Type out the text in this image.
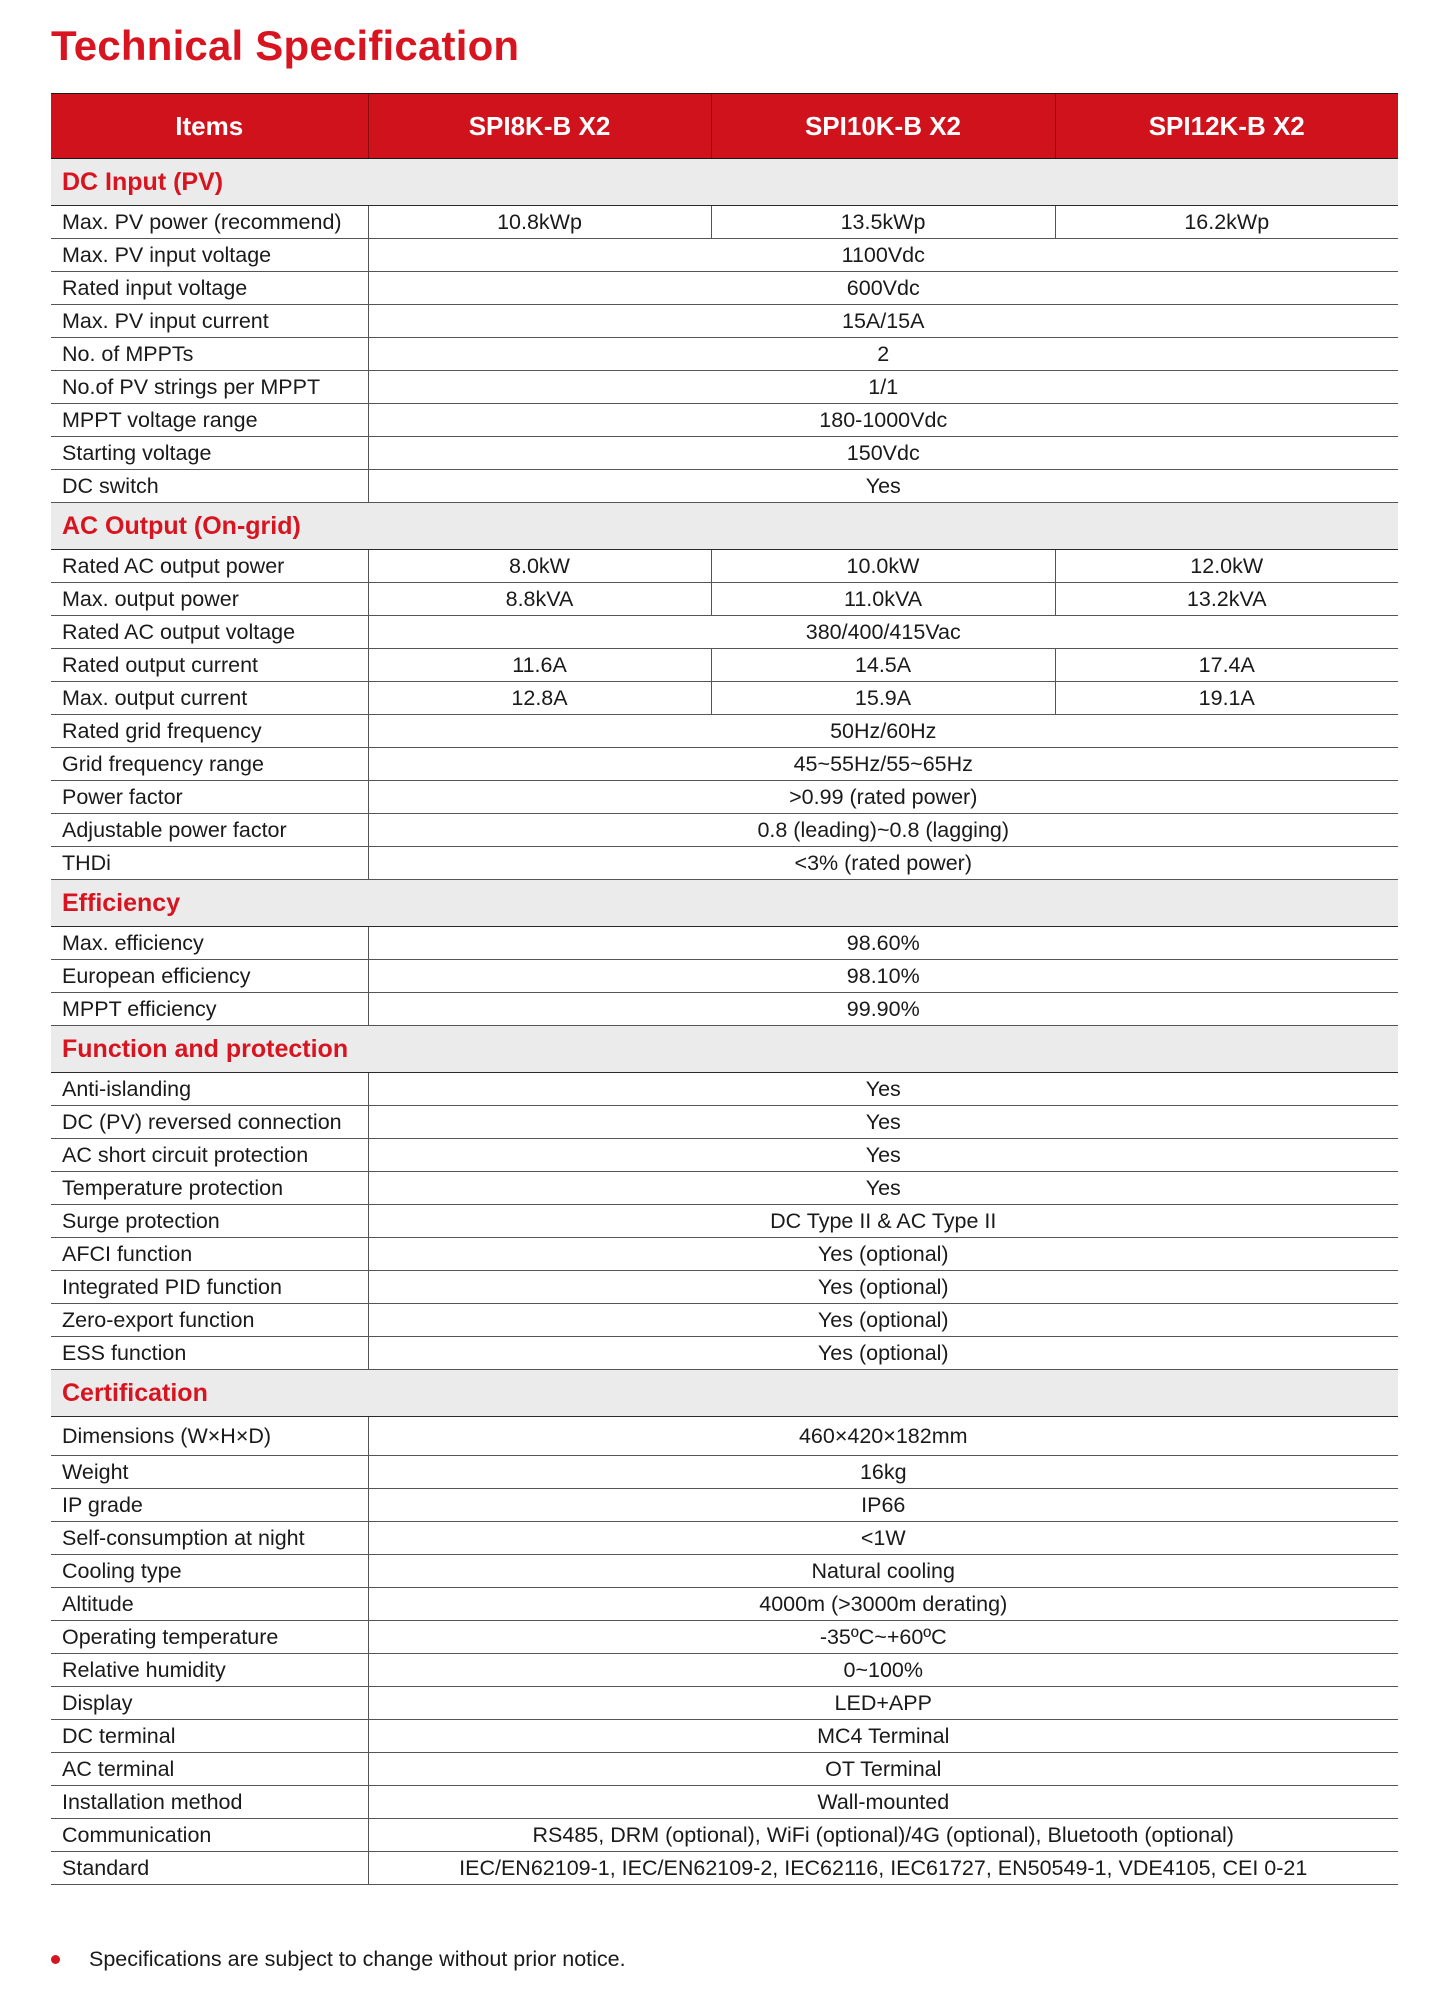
Technical Specification
Items	SPI8K-B X2	SPI10K-B X2	SPI12K-B X2
DC Input (PV)			
Max. PV power (recommend)	10.8kWp	13.5kWp	16.2kWp
Max. PV input voltage	1100Vdc		
Rated input voltage	600Vdc		
Max. PV input current	15A/15A		
No. of MPPTs	2		
No.of PV strings per MPPT	1/1		
MPPT voltage range	180-1000Vdc		
Starting voltage	150Vdc		
DC switch	Yes		
AC Output (On-grid)			
Rated AC output power	8.0kW	10.0kW	12.0kW
Max. output power	8.8kVA	11.0kVA	13.2kVA
Rated AC output voltage	380/400/415Vac		
Rated output current	11.6A	14.5A	17.4A
Max. output current	12.8A	15.9A	19.1A
Rated grid frequency	50Hz/60Hz		
Grid frequency range	45~55Hz/55~65Hz		
Power factor	>0.99 (rated power)		
Adjustable power factor	0.8 (leading)~0.8 (lagging)		
THDi	<3% (rated power)		
Efficiency			
Max. efficiency	98.60%		
European efficiency	98.10%		
MPPT efficiency	99.90%		
Function and protection			
Anti-islanding	Yes		
DC (PV) reversed connection	Yes		
AC short circuit protection	Yes		
Temperature protection	Yes		
Surge protection	DC Type II & AC Type II		
AFCI function	Yes (optional)		
Integrated PID function	Yes (optional)		
Zero-export function	Yes (optional)		
ESS function	Yes (optional)		
Certification			
Dimensions (W×H×D)	460×420×182mm		
Weight	16kg		
IP grade	IP66		
Self-consumption at night	<1W		
Cooling type	Natural cooling		
Altitude	4000m (>3000m derating)		
Operating temperature	-35ºC~+60ºC		
Relative humidity	0~100%		
Display	LED+APP		
DC terminal	MC4 Terminal		
AC terminal	OT Terminal		
Installation method	Wall-mounted		
Communication	RS485, DRM (optional), WiFi (optional)/4G (optional), Bluetooth (optional)		
Standard	IEC/EN62109-1, IEC/EN62109-2, IEC62116, IEC61727, EN50549-1, VDE4105, CEI 0-21		
Specifications are subject to change without prior notice.
